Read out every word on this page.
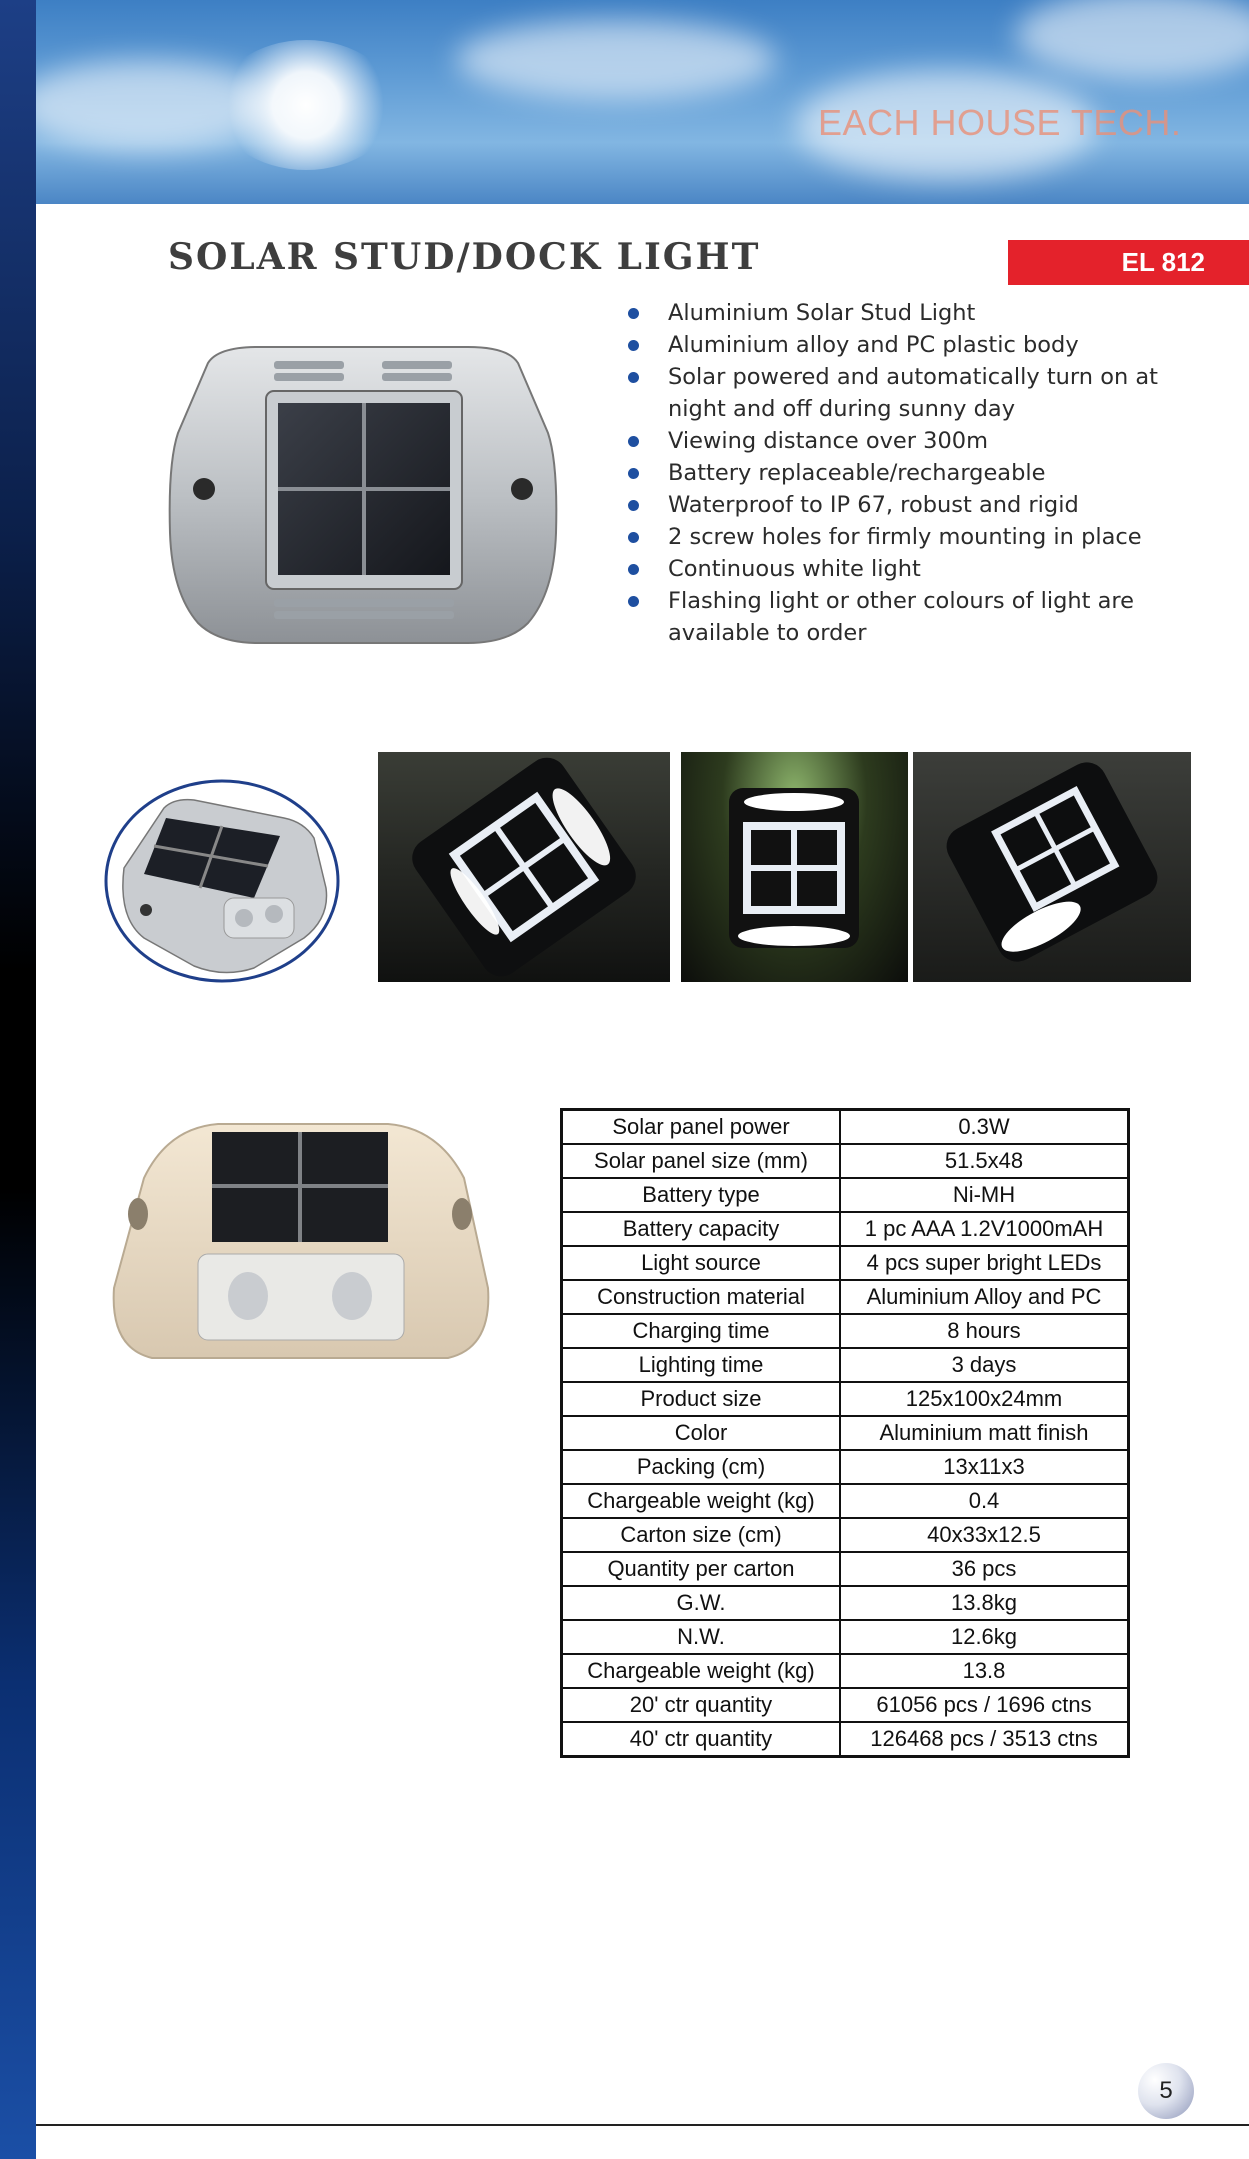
EACH HOUSE TECH.
SOLAR STUD/DOCK LIGHT	EL 812
Aluminium Solar Stud Light
Aluminium alloy and PC plastic body
Solar powered and automatically turn on at night and off during sunny day
Viewing distance over 300m
Battery replaceable/rechargeable
Waterproof to IP 67, robust and rigid
2 screw holes for firmly mounting in place
Continuous white light
Flashing light or other colours of light are available to order
Solar panel power	0.3W
Solar panel size (mm)	51.5x48
Battery type	Ni-MH
Battery capacity	1 pc AAA 1.2V1000mAH
Light source	4 pcs super bright LEDs
Construction material	Aluminium Alloy and PC
Charging time	8 hours
Lighting time	3 days
Product size	125x100x24mm
Color	Aluminium matt finish
Packing (cm)	13x11x3
Chargeable weight (kg)	0.4
Carton size (cm)	40x33x12.5
Quantity per carton	36 pcs
G.W.	13.8kg
N.W.	12.6kg
Chargeable weight (kg)	13.8
20' ctr quantity	61056 pcs / 1696 ctns
40' ctr quantity	126468 pcs / 3513 ctns
5
